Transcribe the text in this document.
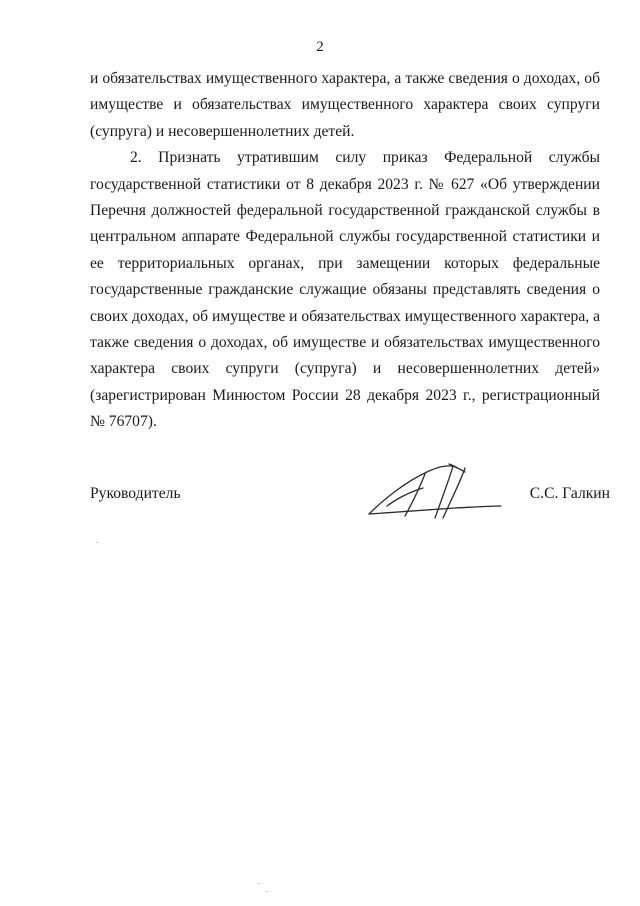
2

и обязательствах имущественного характера, а также сведения о доходах, об имуществе и обязательствах имущественного характера своих супруги (супруга) и несовершеннолетних детей.

2. Признать утратившим силу приказ Федеральной службы государственной статистики от 8 декабря 2023 г. № 627 «Об утверждении Перечня должностей федеральной государственной гражданской службы в центральном аппарате Федеральной службы государственной статистики и ее территориальных органах, при замещении которых федеральные государственные гражданские служащие обязаны представлять сведения о своих доходах, об имуществе и обязательствах имущественного характера, а также сведения о доходах, об имуществе и обязательствах имущественного характера своих супруги (супруга) и несовершеннолетних детей» (зарегистрирован Минюстом России 28 декабря 2023 г., регистрационный № 76707).

Руководитель	С.С. Галкин
